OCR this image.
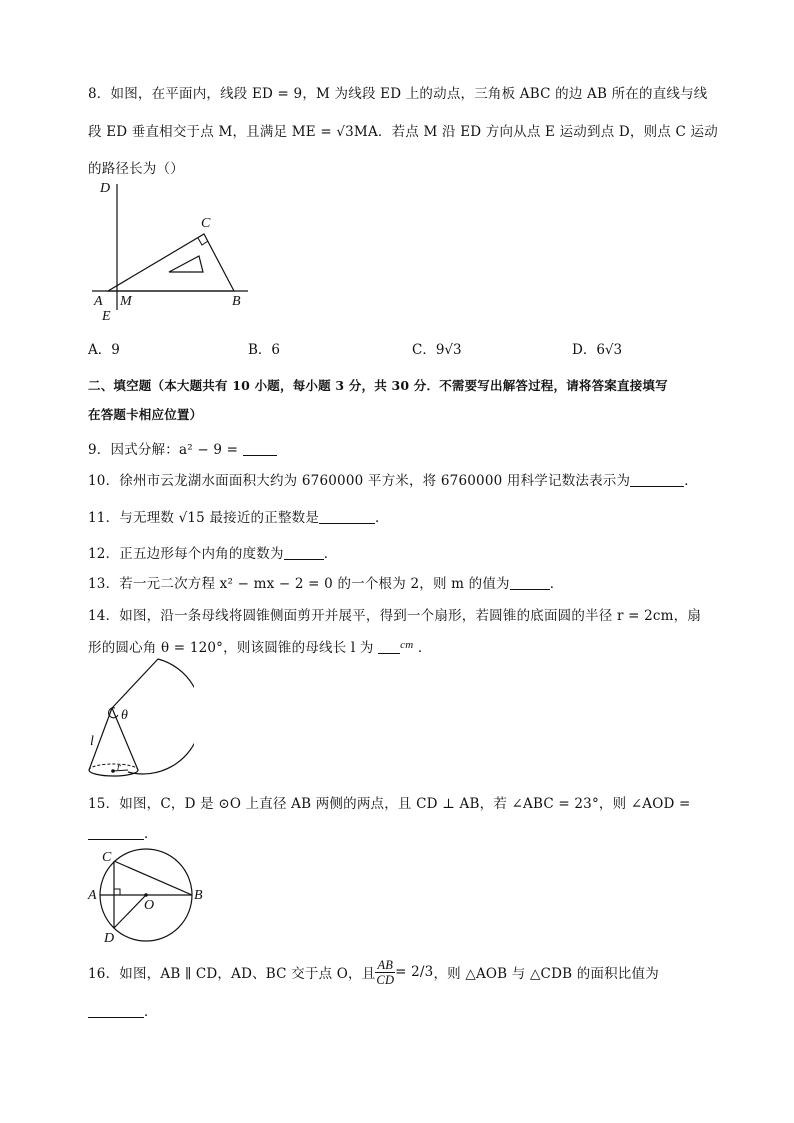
8．如图，在平面内，线段 ED = 9，M 为线段 ED 上的动点，三角板 ABC 的边 AB 所在的直线与线
段 ED 垂直相交于点 M，且满足 ME = √3MA．若点 M 沿 ED 方向从点 E 运动到点 D，则点 C 运动
的路径长为（）
D
C
A M	B
E
A．9	B．6	C．9√3	D．6√3
二、填空题（本大题共有 10 小题，每小题 3 分，共 30 分．不需要写出解答过程，请将答案直接填写
在答题卡相应位置）
9．因式分解：a² − 9 =
10．徐州市云龙湖水面面积大约为 6760000 平方米，将 6760000 用科学记数法表示为	．
11．与无理数 √15 最接近的正整数是	．
12．正五边形每个内角的度数为	．
13．若一元二次方程 x² − mx − 2 = 0 的一个根为 2，则 m 的值为	．
14．如图，沿一条母线将圆锥侧面剪开并展平，得到一个扇形，若圆锥的底面圆的半径 r = 2cm，扇
形的圆心角 θ = 120°，则该圆锥的母线长 l 为 $^{cm}$ ．
θ
l
r
15．如图，C，D 是 ⊙O 上直径 AB 两侧的两点，且 CD ⊥ AB，若 ∠ABC = 23°，则 ∠AOD =
．
C
A
O
B
D
16．如图，AB ∥ CD，AD、BC 交于点 O，且 $\frac{AB}{CD} = 2/3$ ，则 △AOB 与 △CDB 的面积比值为
．
